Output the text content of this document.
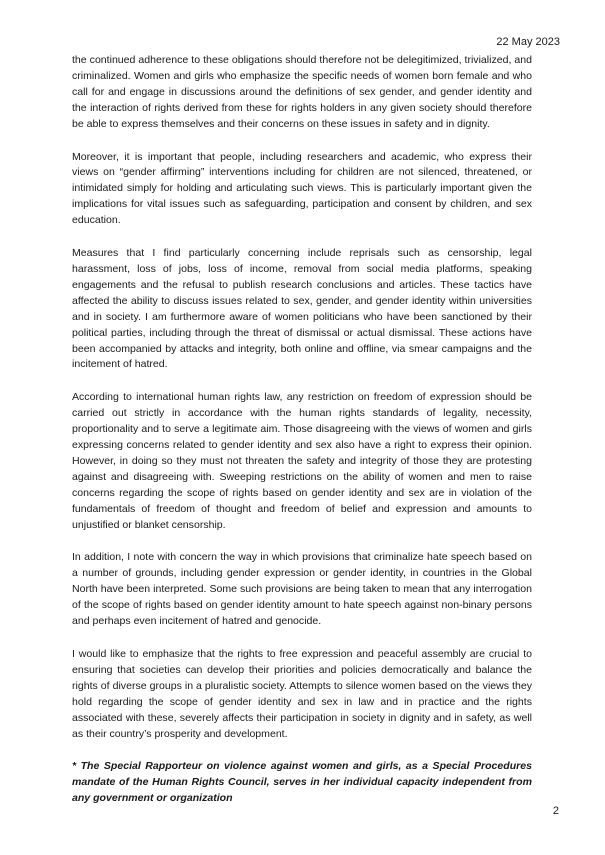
22 May 2023

the continued adherence to these obligations should therefore not be delegitimized, trivialized, and criminalized. Women and girls who emphasize the specific needs of women born female and who call for and engage in discussions around the definitions of sex gender, and gender identity and the interaction of rights derived from these for rights holders in any given society should therefore be able to express themselves and their concerns on these issues in safety and in dignity.

Moreover, it is important that people, including researchers and academic, who express their views on “gender affirming” interventions including for children are not silenced, threatened, or intimidated simply for holding and articulating such views. This is particularly important given the implications for vital issues such as safeguarding, participation and consent by children, and sex education.

Measures that I find particularly concerning include reprisals such as censorship, legal harassment, loss of jobs, loss of income, removal from social media platforms, speaking engagements and the refusal to publish research conclusions and articles. These tactics have affected the ability to discuss issues related to sex, gender, and gender identity within universities and in society. I am furthermore aware of women politicians who have been sanctioned by their political parties, including through the threat of dismissal or actual dismissal. These actions have been accompanied by attacks and integrity, both online and offline, via smear campaigns and the incitement of hatred.

According to international human rights law, any restriction on freedom of expression should be carried out strictly in accordance with the human rights standards of legality, necessity, proportionality and to serve a legitimate aim. Those disagreeing with the views of women and girls expressing concerns related to gender identity and sex also have a right to express their opinion. However, in doing so they must not threaten the safety and integrity of those they are protesting against and disagreeing with. Sweeping restrictions on the ability of women and men to raise concerns regarding the scope of rights based on gender identity and sex are in violation of the fundamentals of freedom of thought and freedom of belief and expression and amounts to unjustified or blanket censorship.

In addition, I note with concern the way in which provisions that criminalize hate speech based on a number of grounds, including gender expression or gender identity, in countries in the Global North have been interpreted. Some such provisions are being taken to mean that any interrogation of the scope of rights based on gender identity amount to hate speech against non-binary persons and perhaps even incitement of hatred and genocide.

I would like to emphasize that the rights to free expression and peaceful assembly are crucial to ensuring that societies can develop their priorities and policies democratically and balance the rights of diverse groups in a pluralistic society. Attempts to silence women based on the views they hold regarding the scope of gender identity and sex in law and in practice and the rights associated with these, severely affects their participation in society in dignity and in safety, as well as their country’s prosperity and development.

* The Special Rapporteur on violence against women and girls, as a Special Procedures mandate of the Human Rights Council, serves in her individual capacity independent from any government or organization

2
